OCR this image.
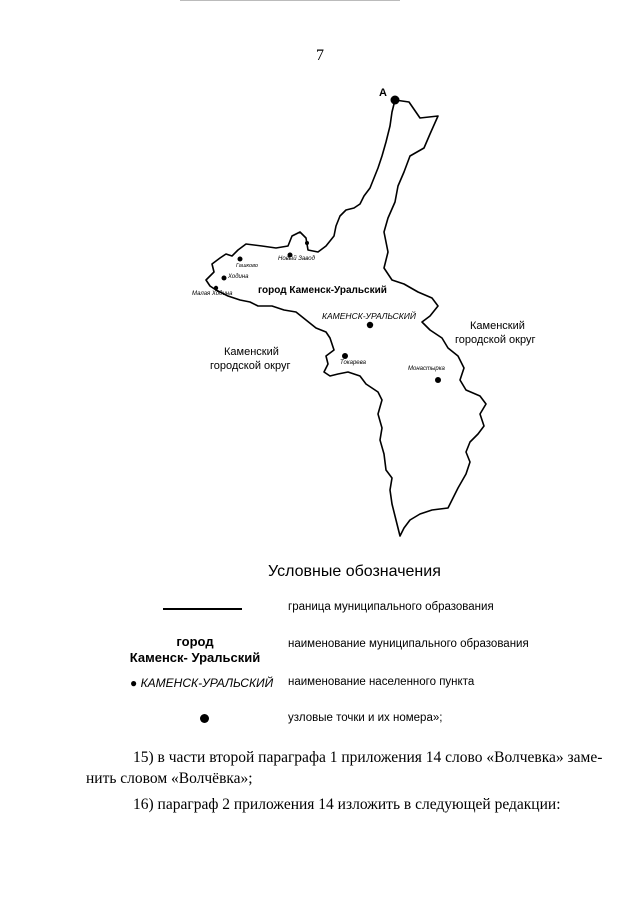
7
A
город Каменск-Уральский
КАМЕНСК-УРАЛЬСКИЙ
Каменский
городской округ
Каменский
городской округ
Новый Завод
Гашково
Ходина
Малая Ходина
Токарева
Монастырка
Условные обозначения
граница муниципального образования
город
Каменск- Уральский
наименование муниципального образования
● КАМЕНСК-УРАЛЬСКИЙ наименование населенного пункта
узловые точки и их номера»;
15) в части второй параграфа 1 приложения 14 слово «Волчевка» заме-
нить словом «Волчёвка»;
16) параграф 2 приложения 14 изложить в следующей редакции:
